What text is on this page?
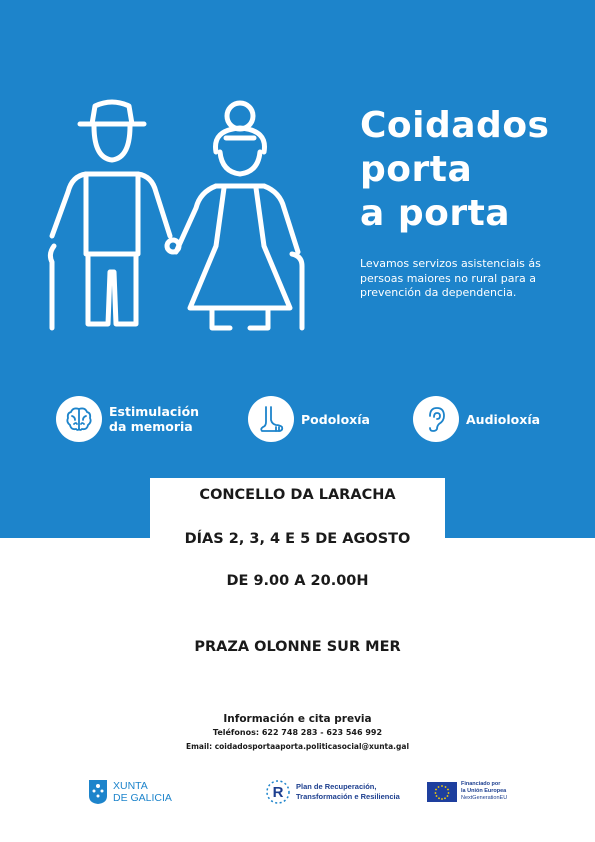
Coidados
porta
a porta
Levamos servizos asistenciais ás persoas maiores no rural para a prevención da dependencia.
Estimulación
da memoria	Podoloxía	Audioloxía
CONCELLO DA LARACHA
DÍAS 2, 3, 4 E 5 DE AGOSTO
DE 9.00 A 20.00H
PRAZA OLONNE SUR MER
Información e cita previa
Teléfonos: 622 748 283 - 623 546 992
Email: coidadosportaaporta.politicasocial@xunta.gal
XUNTA
DE GALICIA	R Plan de Recuperación,
Transformación e Resiliencia
Financiado por
la Unión Europea
NextGenerationEU
